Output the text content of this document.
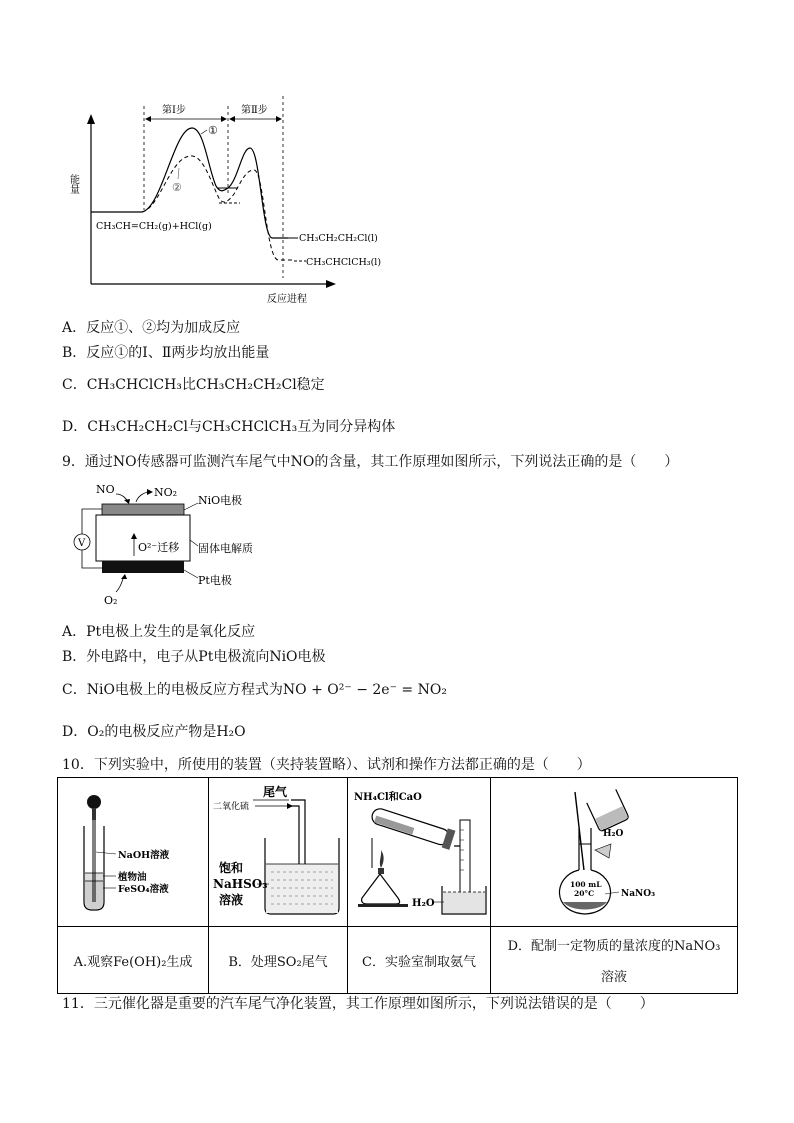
能量
反应进程
第Ⅰ步	第Ⅱ步
①
②
CH₃CH=CH₂(g)+HCl(g)
CH₃CH₂CH₂Cl(l)
CH₃CHClCH₃(l)
A．反应①、②均为加成反应
B．反应①的Ⅰ、Ⅱ两步均放出能量
C．CH₃CHClCH₃比CH₃CH₂CH₂Cl稳定
D．CH₃CH₂CH₂Cl与CH₃CHClCH₃互为同分异构体
9．通过NO传感器可监测汽车尾气中NO的含量，其工作原理如图所示，下列说法正确的是（　　）
V
NO	NO₂
NiO电极
O²⁻迁移 固体电解质
Pt电极
O₂
A．Pt电极上发生的是氧化反应
B．外电路中，电子从Pt电极流向NiO电极
C．NiO电极上的电极反应方程式为NO + O²⁻ − 2e⁻ = NO₂
D．O₂的电极反应产物是H₂O
10．下列实验中，所使用的装置（夹持装置略）、试剂和操作方法都正确的是（　　）
NaOH溶液
植物油
FeSO₄溶液	尾气
二氧化硫
饱和
NaHSO₃
溶液	NH₄Cl和CaO
H₂O	H₂O
100 mL
20°C NaNO₃

A.观察Fe(OH)₂生成	B．处理SO₂尾气	C．实验室制取氨气	D．配制一定物质的量浓度的NaNO₃
溶液
11．三元催化器是重要的汽车尾气净化装置，其工作原理如图所示，下列说法错误的是（　　）
